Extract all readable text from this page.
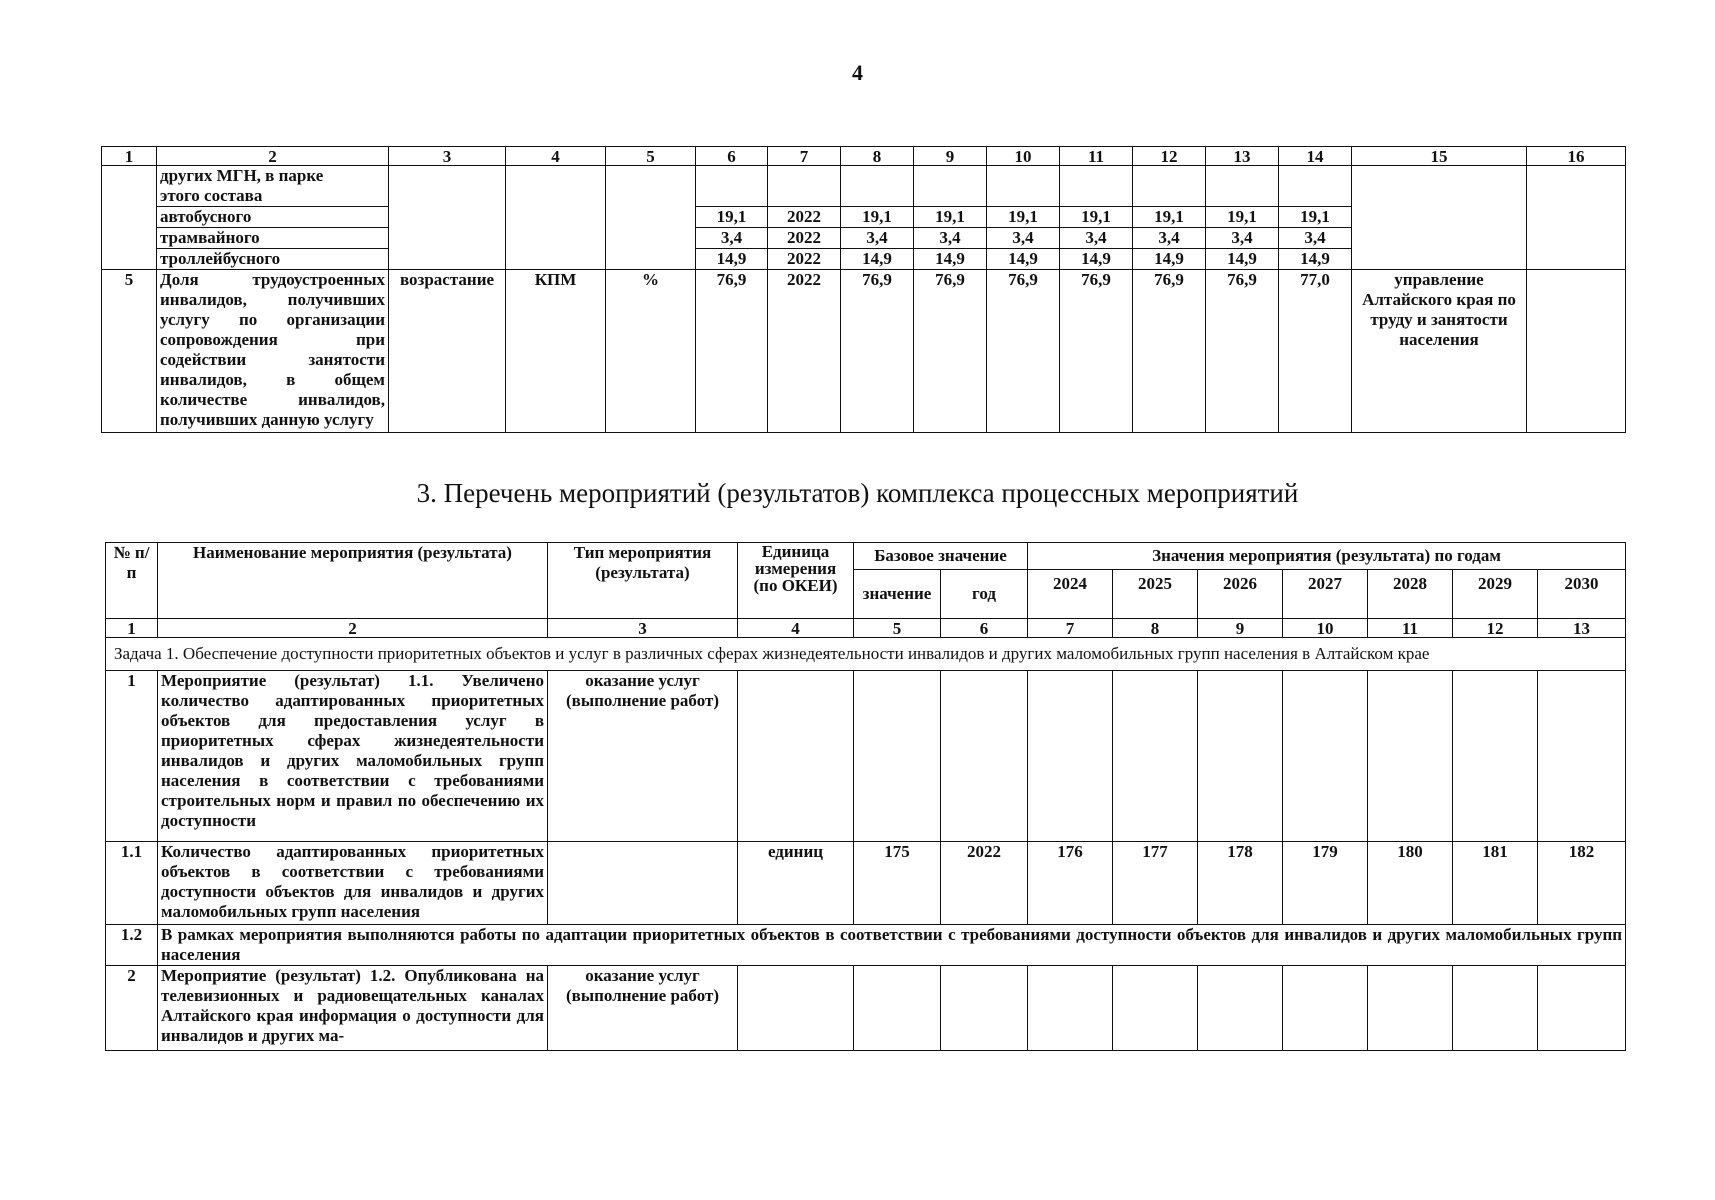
4
1	2	3	4	5	6	7	8	9	10	11	12	13	14	15	16
	других МГН, в парке
этого состава														
	автобусного				19,1	2022	19,1	19,1	19,1	19,1	19,1	19,1	19,1		
	трамвайного				3,4	2022	3,4	3,4	3,4	3,4	3,4	3,4	3,4		
	троллейбусного				14,9	2022	14,9	14,9	14,9	14,9	14,9	14,9	14,9		
5	Доля трудоустроенных инвалидов, получивших услугу по организации сопровождения при содействии занятости инвалидов, в общем количестве инвалидов, получивших данную услугу	возрастание	КПМ	%	76,9	2022	76,9	76,9	76,9	76,9	76,9	76,9	77,0	управление Алтайского края по труду и занятости населения	
3. Перечень мероприятий (результатов) комплекса процессных мероприятий
№ п/п	Наименование мероприятия (результата)	Тип мероприятия (результата)	Единица измерения (по ОКЕИ)	Базовое значение		Значения мероприятия (результата) по годам						
				значение	год	2024	2025	2026	2027	2028	2029	2030
1	2	3	4	5	6	7	8	9	10	11	12	13
Задача 1. Обеспечение доступности приоритетных объектов и услуг в различных сферах жизнедеятельности инвалидов и других маломобильных групп населения в Алтайском крае												
1	Мероприятие (результат) 1.1. Увеличено количество адаптированных приоритетных объектов для предоставления услуг в приоритетных сферах жизнедеятельности инвалидов и других маломобильных групп населения в соответствии с требованиями строительных норм и правил по обеспечению их доступности	оказание услуг (выполнение работ)										
1.1	Количество адаптированных приоритетных объектов в соответствии с требованиями доступности объектов для инвалидов и других маломобильных групп населения		единиц	175	2022	176	177	178	179	180	181	182
1.2	В рамках мероприятия выполняются работы по адаптации приоритетных объектов в соответствии с требованиями доступности объектов для инвалидов и других маломобильных групп населения											
2	Мероприятие (результат) 1.2. Опубликована на телевизионных и радиовещательных каналах Алтайского края информация о доступности для инвалидов и других ма-	оказание услуг (выполнение работ)										
